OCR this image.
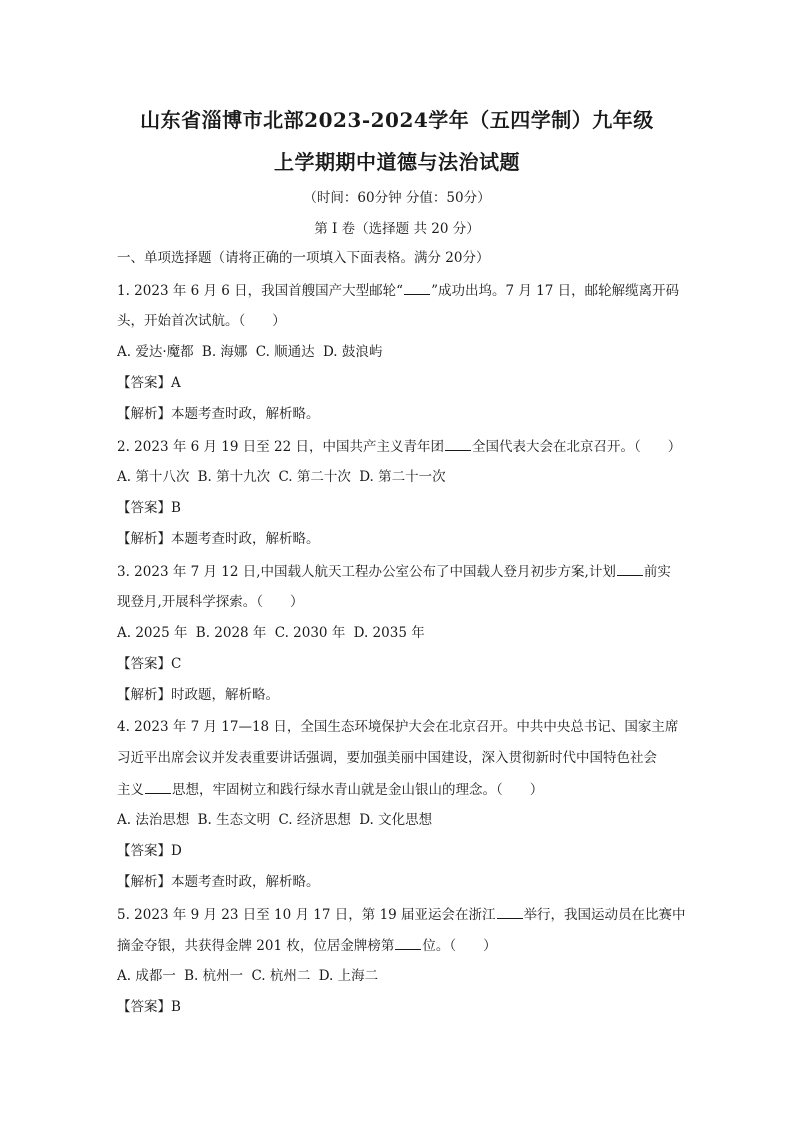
山东省淄博市北部2023-2024学年（五四学制）九年级
上学期期中道德与法治试题
（时间：60分钟 分值：50分）
第 I 卷（选择题 共 20 分）
一、单项选择题（请将正确的一项填入下面表格。满分 20分）
1. 2023 年 6 月 6 日，我国首艘国产大型邮轮“ ”成功出坞。7 月 17 日，邮轮解缆离开码
头，开始首次试航。（　　）
A. 爱达·魔都 B. 海娜 C. 顺通达 D. 鼓浪屿
【答案】A
【解析】本题考查时政，解析略。
2. 2023 年 6 月 19 日至 22 日，中国共产主义青年团 全国代表大会在北京召开。（　　）
A. 第十八次 B. 第十九次 C. 第二十次 D. 第二十一次
【答案】B
【解析】本题考查时政，解析略。
3. 2023 年 7 月 12 日,中国载人航天工程办公室公布了中国载人登月初步方案,计划 前实
现登月,开展科学探索。（　　）
A. 2025 年 B. 2028 年 C. 2030 年 D. 2035 年
【答案】C
【解析】时政题，解析略。
4. 2023 年 7 月 17—18 日，全国生态环境保护大会在北京召开。中共中央总书记、国家主席
习近平出席会议并发表重要讲话强调，要加强美丽中国建设，深入贯彻新时代中国特色社会
主义 思想，牢固树立和践行绿水青山就是金山银山的理念。（　　）
A. 法治思想 B. 生态文明 C. 经济思想 D. 文化思想
【答案】D
【解析】本题考查时政，解析略。
5. 2023 年 9 月 23 日至 10 月 17 日，第 19 届亚运会在浙江 举行，我国运动员在比赛中
摘金夺银，共获得金牌 201 枚，位居金牌榜第 位。（　　）
A. 成都一 B. 杭州一 C. 杭州二 D. 上海二
【答案】B
